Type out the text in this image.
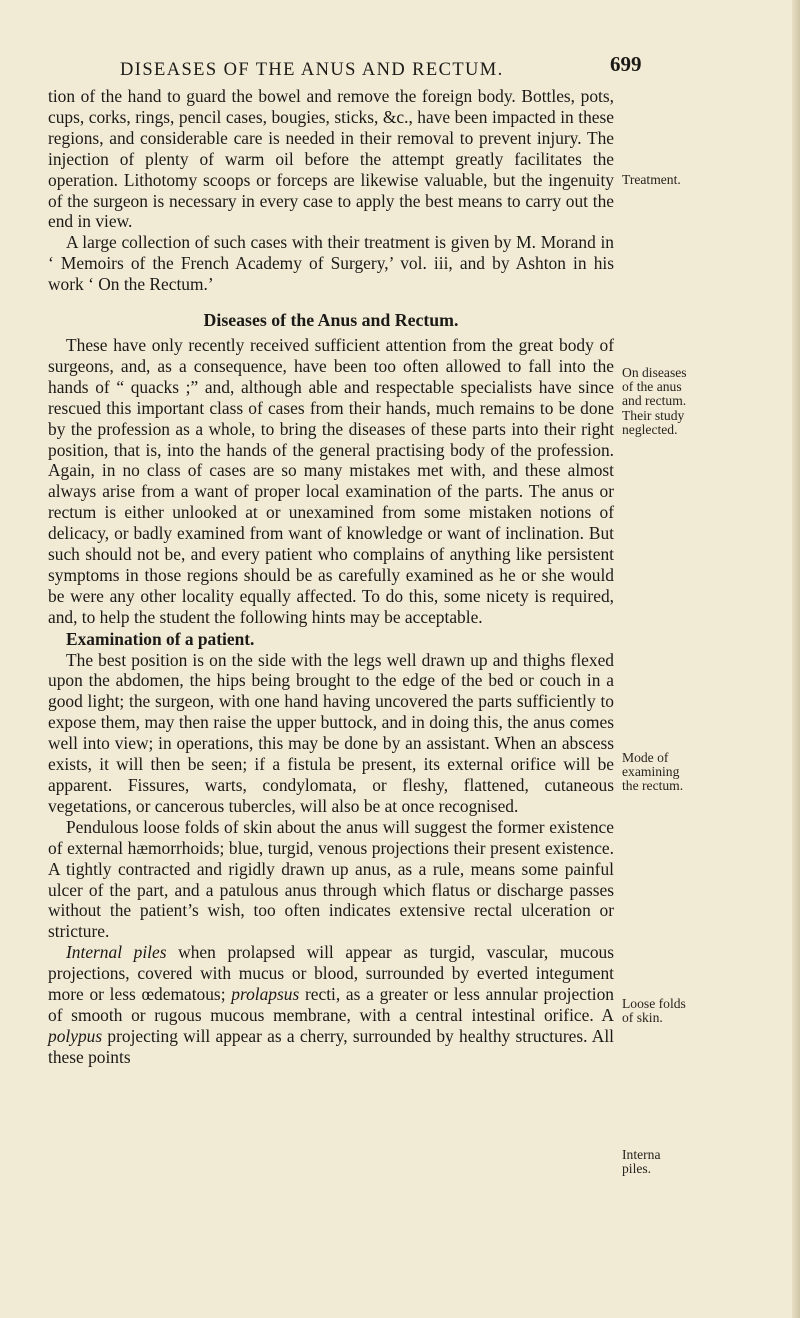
DISEASES OF THE ANUS AND RECTUM.	699

tion of the hand to guard the bowel and remove the foreign body. Bottles, pots, cups, corks, rings, pencil cases, bougies, sticks, &c., have been impacted in these regions, and considerable care is needed in their removal to prevent injury. The injection of plenty of warm oil before the attempt greatly facilitates the operation. Lithotomy scoops or forceps are likewise valuable, but the ingenuity of the surgeon is necessary in every case to apply the best means to carry out the end in view.

A large collection of such cases with their treatment is given by M. Morand in ‘ Memoirs of the French Academy of Surgery,’ vol. iii, and by Ashton in his work ‘ On the Rectum.’

Diseases of the Anus and Rectum.

These have only recently received sufficient attention from the great body of surgeons, and, as a consequence, have been too often allowed to fall into the hands of “ quacks ;” and, although able and respectable specialists have since rescued this important class of cases from their hands, much remains to be done by the profession as a whole, to bring the diseases of these parts into their right position, that is, into the hands of the general practising body of the profession. Again, in no class of cases are so many mistakes met with, and these almost always arise from a want of proper local examination of the parts. The anus or rectum is either unlooked at or unexamined from some mistaken notions of delicacy, or badly examined from want of knowledge or want of inclination. But such should not be, and every patient who complains of anything like persistent symptoms in those regions should be as carefully examined as he or she would be were any other locality equally affected. To do this, some nicety is required, and, to help the student the following hints may be acceptable.

Examination of a patient.

The best position is on the side with the legs well drawn up and thighs flexed upon the abdomen, the hips being brought to the edge of the bed or couch in a good light; the surgeon, with one hand having uncovered the parts sufficiently to expose them, may then raise the upper buttock, and in doing this, the anus comes well into view; in operations, this may be done by an assistant. When an abscess exists, it will then be seen; if a fistula be present, its external orifice will be apparent. Fissures, warts, condylomata, or fleshy, flattened, cutaneous vegetations, or cancerous tubercles, will also be at once recognised.

Pendulous loose folds of skin about the anus will suggest the former existence of external hæmorrhoids; blue, turgid, venous projections their present existence. A tightly contracted and rigidly drawn up anus, as a rule, means some painful ulcer of the part, and a patulous anus through which flatus or discharge passes without the patient’s wish, too often indicates extensive rectal ulceration or stricture.

Internal piles when prolapsed will appear as turgid, vascular, mucous projections, covered with mucus or blood, surrounded by everted integument more or less œdematous; prolapsus recti, as a greater or less annular projection of smooth or rugous mucous membrane, with a central intestinal orifice. A polypus projecting will appear as a cherry, surrounded by healthy structures. All these points

Treatment.
On diseases
of the anus
and rectum.
Their study
neglected.
Mode of
examining
the rectum.
Loose folds
of skin.
Interna
piles.
